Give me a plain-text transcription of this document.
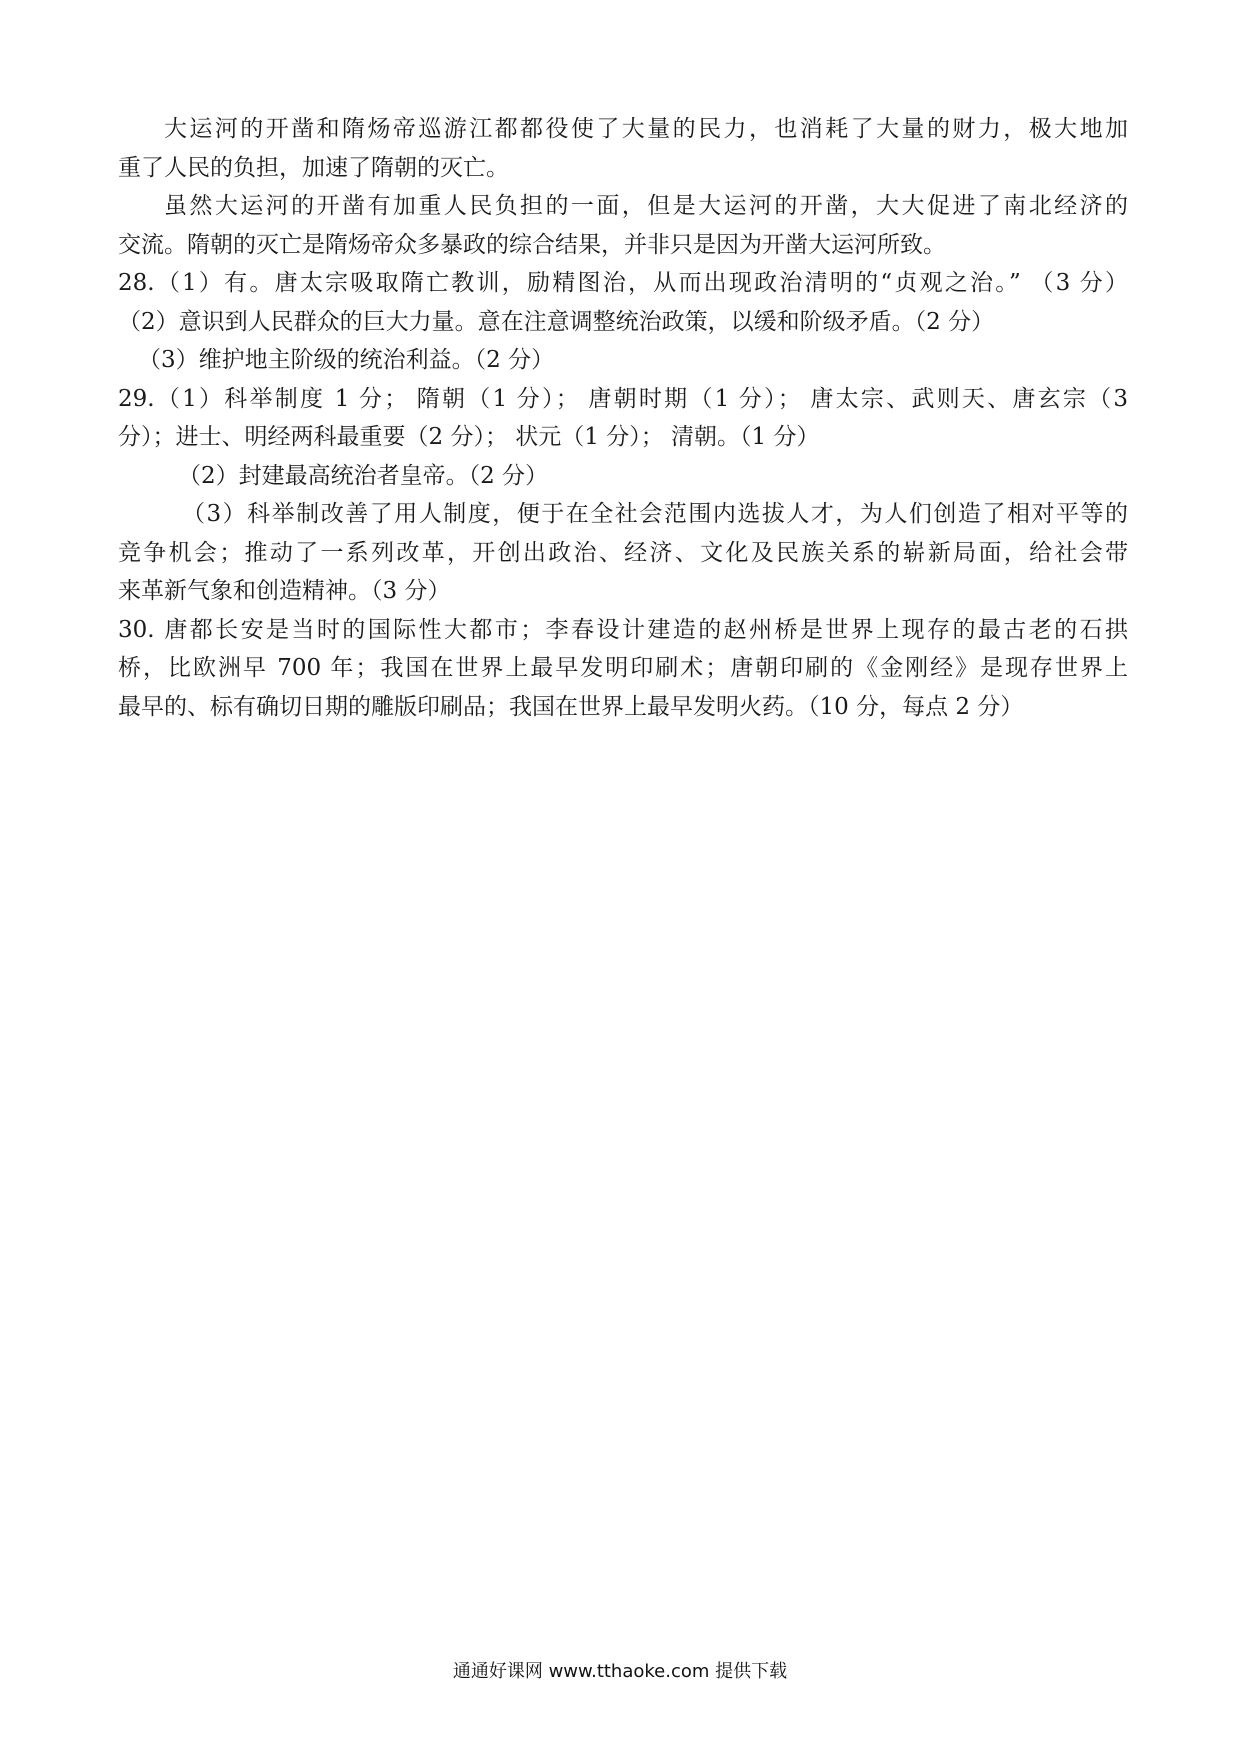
大运河的开凿和隋炀帝巡游江都都役使了大量的民力，也消耗了大量的财力，极大地加
重了人民的负担，加速了隋朝的灭亡。
虽然大运河的开凿有加重人民负担的一面，但是大运河的开凿，大大促进了南北经济的
交流。隋朝的灭亡是隋炀帝众多暴政的综合结果，并非只是因为开凿大运河所致。
28.（1）有。唐太宗吸取隋亡教训，励精图治，从而出现政治清明的“贞观之治。” （3 分）
（2）意识到人民群众的巨大力量。意在注意调整统治政策，以缓和阶级矛盾。（2 分）
（3）维护地主阶级的统治利益。（2 分）
29.（1）科举制度 1 分； 隋朝（1 分）； 唐朝时期（1 分）； 唐太宗、武则天、唐玄宗（3
分）；进士、明经两科最重要（2 分）； 状元（1 分）； 清朝。（1 分）
（2）封建最高统治者皇帝。（2 分）
（3）科举制改善了用人制度，便于在全社会范围内选拔人才，为人们创造了相对平等的
竞争机会；推动了一系列改革，开创出政治、经济、文化及民族关系的崭新局面，给社会带
来革新气象和创造精神。（3 分）
30. 唐都长安是当时的国际性大都市；李春设计建造的赵州桥是世界上现存的最古老的石拱
桥，比欧洲早 700 年；我国在世界上最早发明印刷术；唐朝印刷的《金刚经》是现存世界上
最早的、标有确切日期的雕版印刷品；我国在世界上最早发明火药。（10 分，每点 2 分）
通通好课网 www.tthaoke.com 提供下载
